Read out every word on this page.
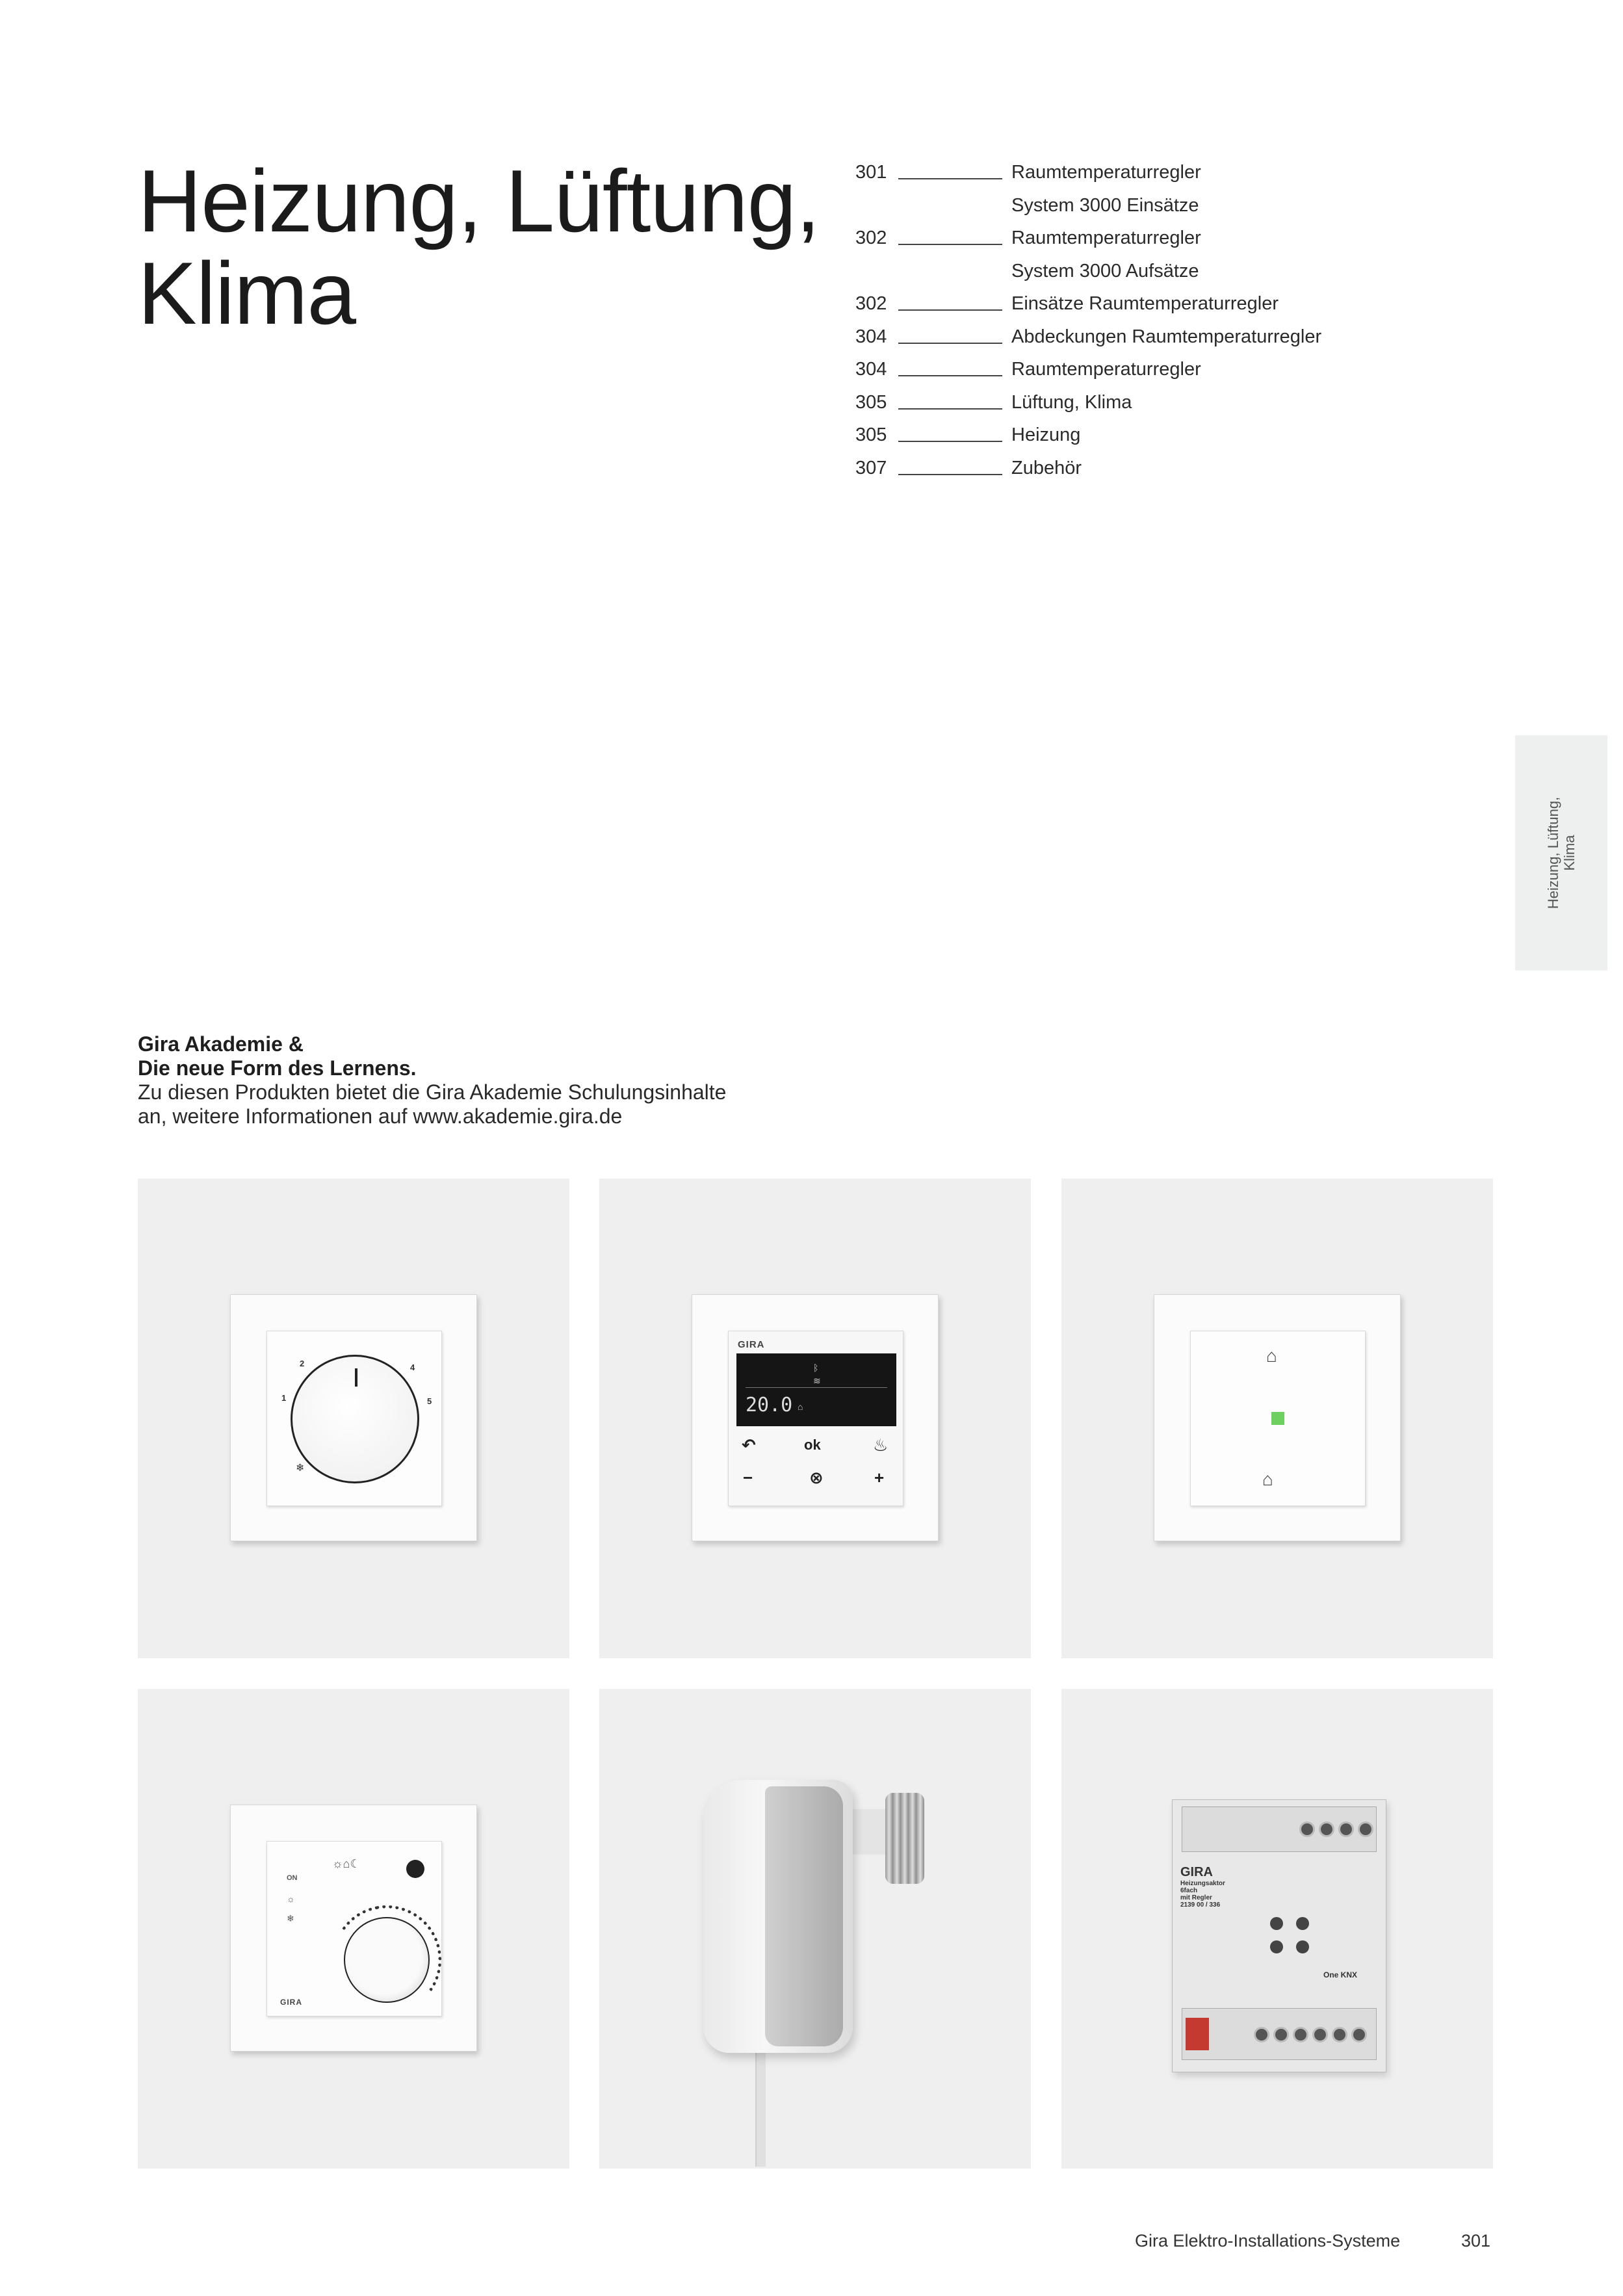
Heizung, Lüftung,
Klima
301	Raumtemperaturregler
System 3000 Einsätze
302	Raumtemperaturregler
System 3000 Aufsätze
302	Einsätze Raumtemperaturregler
304	Abdeckungen Raumtemperaturregler
304	Raumtemperaturregler
305	Lüftung, Klima
305	Heizung
307	Zubehör
Heizung, Lüftung, Klima
Gira Akademie &
Die neue Form des Lernens.
Zu diesen Produkten bietet die Gira Akademie Schulungsinhalte
an, weitere Informationen auf www.akademie.gira.de
2
1
4
5
❄
GIRA
ᛒ
≋
20.0 ⌂
↶	ok	♨
−	⊗	+
⌂
⌂
☼⌂☾
ON
☼
❄
GIRA
GIRA
Heizungsaktor
6fach
mit Regler
2139 00 / 336
One KNX
Gira Elektro-Installations-Systeme	301
